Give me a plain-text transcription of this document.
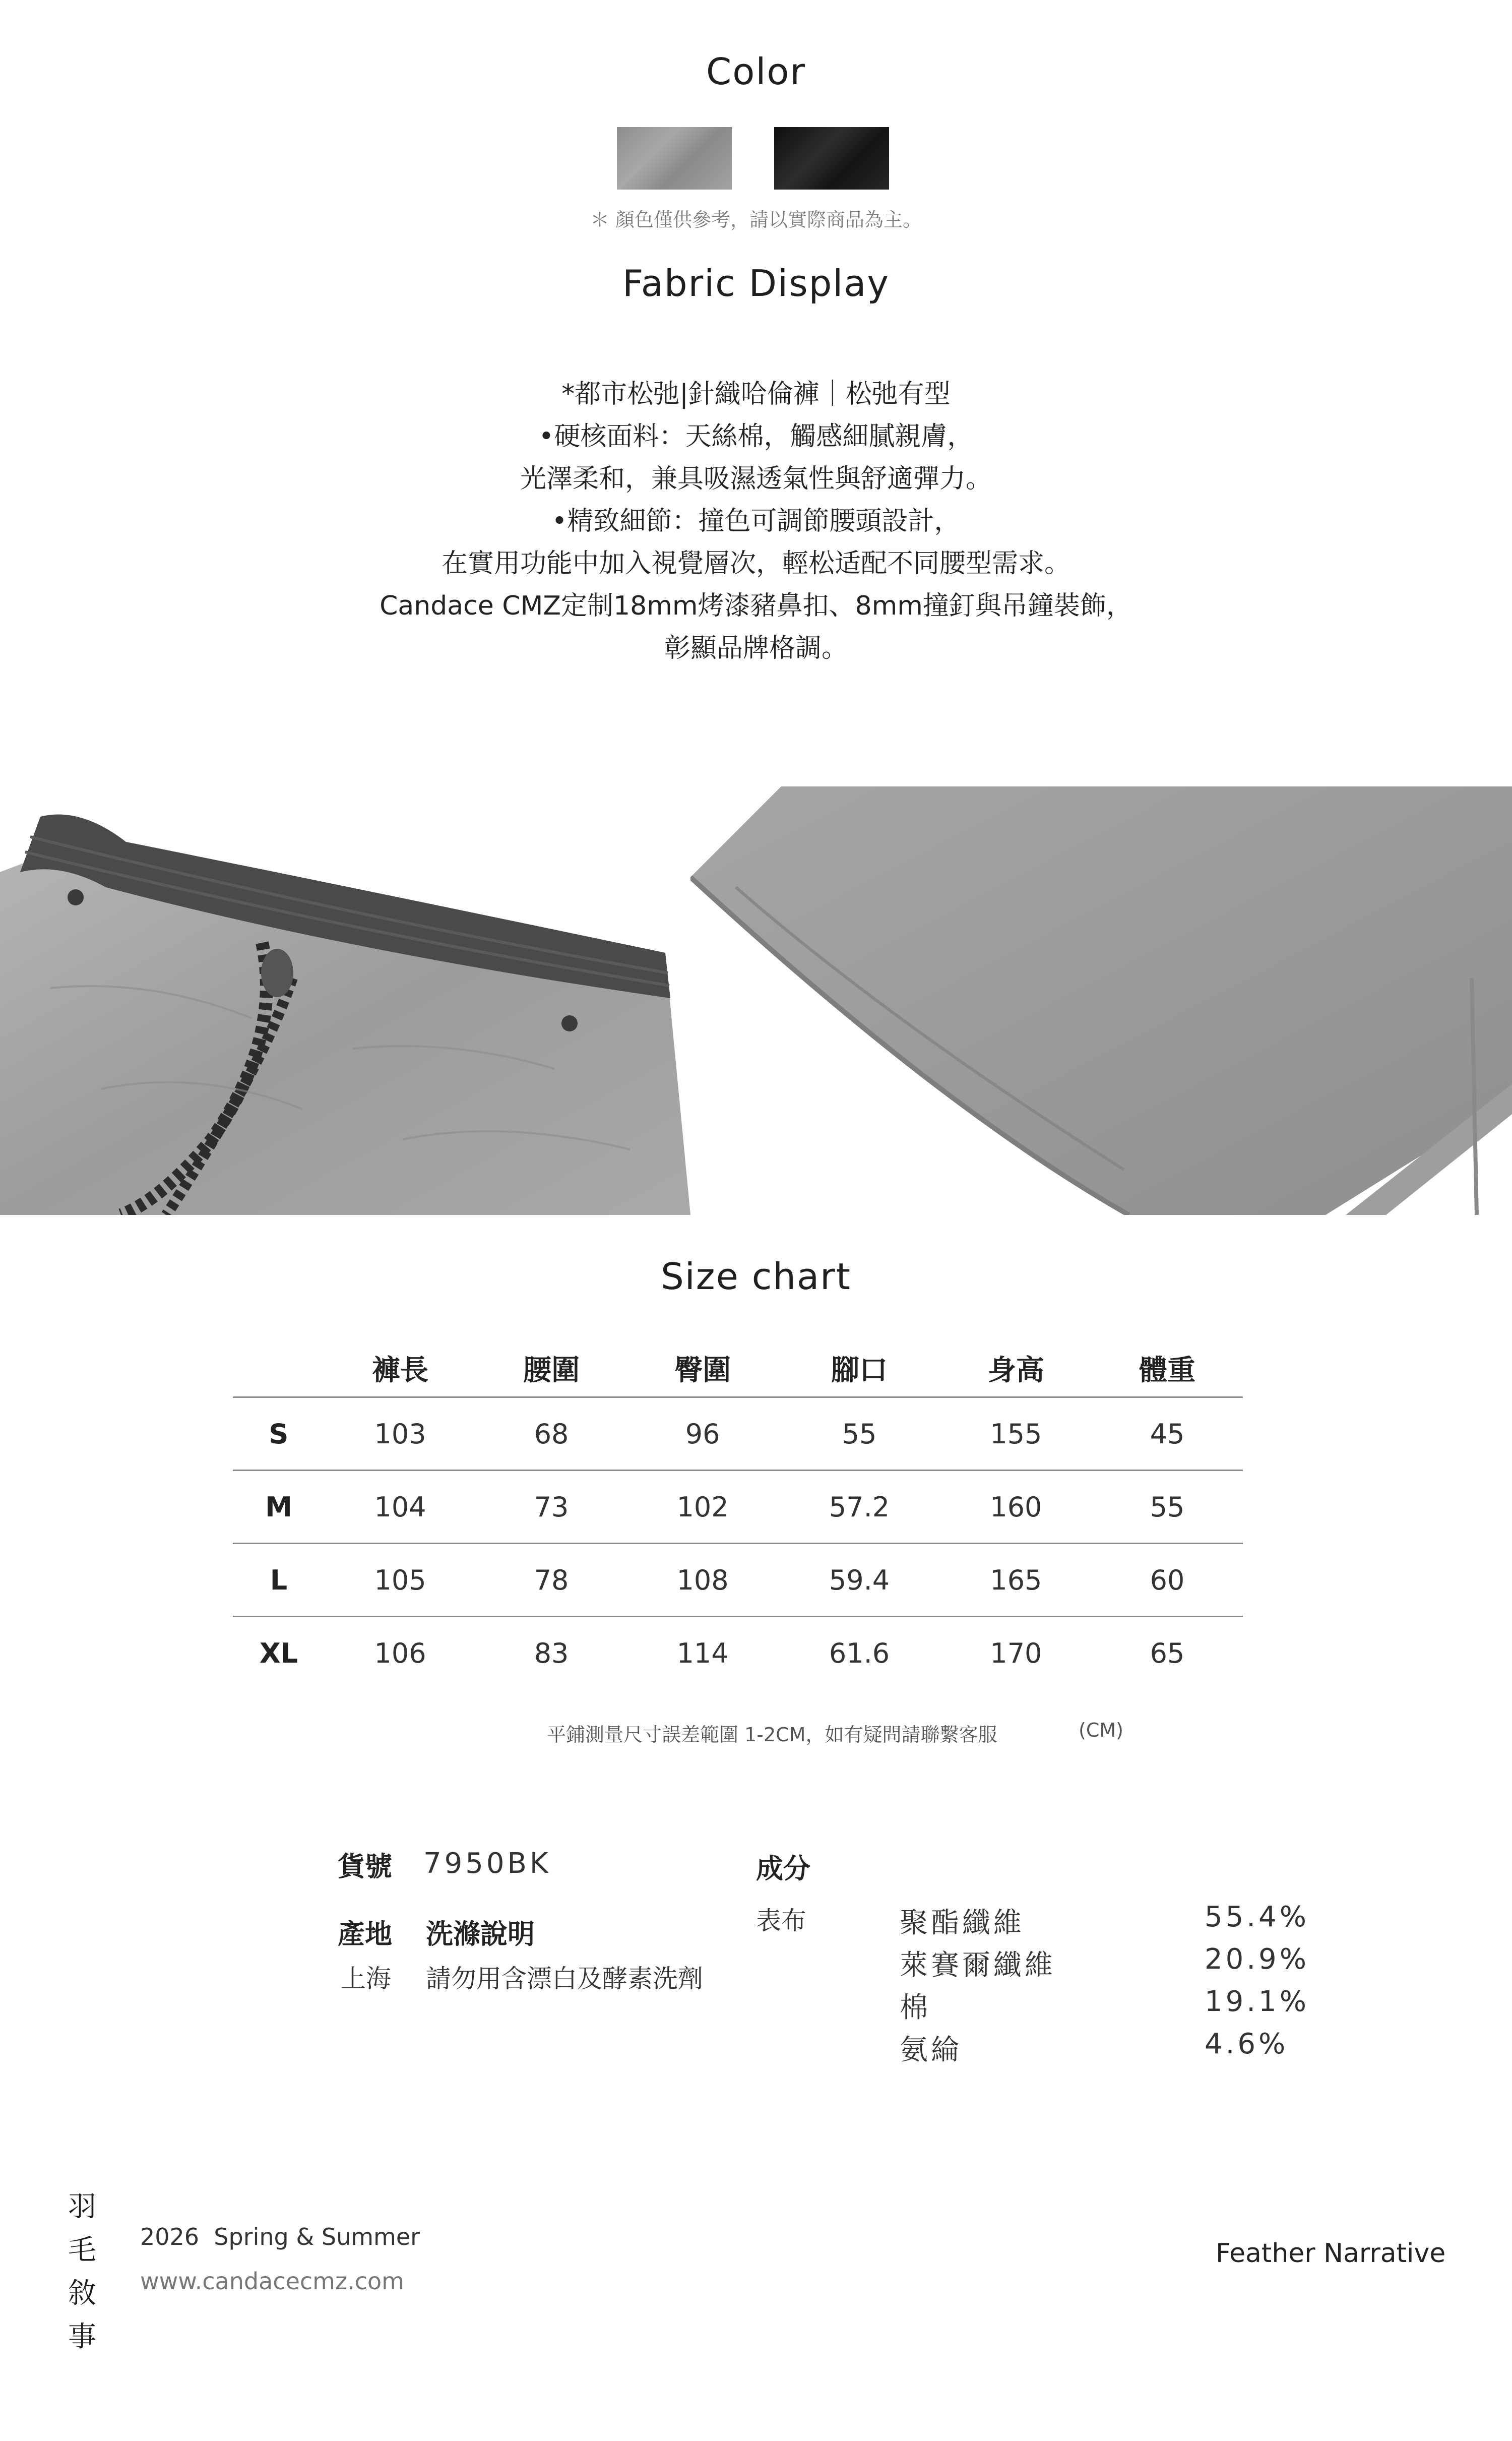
Color
＊ 顏色僅供參考，請以實際商品為主。
Fabric Display
*都市松弛|針織哈倫褲｜松弛有型
•硬核面料：天絲棉，觸感細膩親膚，
光澤柔和，兼具吸濕透氣性與舒適彈力。
•精致細節：撞色可調節腰頭設計，
在實用功能中加入視覺層次，輕松适配不同腰型需求。
Candace CMZ定制18mm烤漆豬鼻扣、8mm撞釘與吊鐘裝飾，
彰顯品牌格調。
Size chart
	褲長	腰圍	臀圍	腳口	身高	體重
S	103	68	96	55	155	45
M	104	73	102	57.2	160	55
L	105	78	108	59.4	165	60
XL	106	83	114	61.6	170	65
平鋪測量尺寸誤差範圍 1-2CM，如有疑問請聯繫客服	(CM)
貨號 7950BK
產地 洗滌說明
上海 請勿用含漂白及酵素洗劑
成分
表布	聚酯纖維	55.4%
萊賽爾纖維	20.9%
棉	19.1%
氨綸	4.6%
羽
毛
敘
事
2026  Spring & Summer
www.candacecmz.com
Feather Narrative
